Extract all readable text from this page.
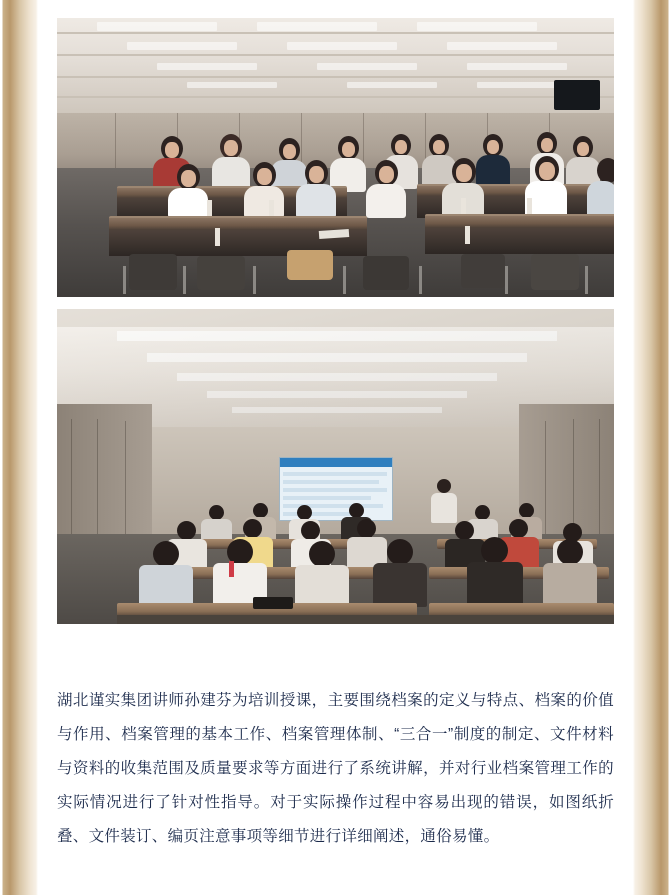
湖北谨实集团讲师孙建芬为培训授课，主要围绕档案的定义与特点、档案的价值与作用、档案管理的基本工作、档案管理体制、“三合一”制度的制定、文件材料与资料的收集范围及质量要求等方面进行了系统讲解，并对行业档案管理工作的实际情况进行了针对性指导。对于实际操作过程中容易出现的错误，如图纸折叠、文件装订、编页注意事项等细节进行详细阐述，通俗易懂。
